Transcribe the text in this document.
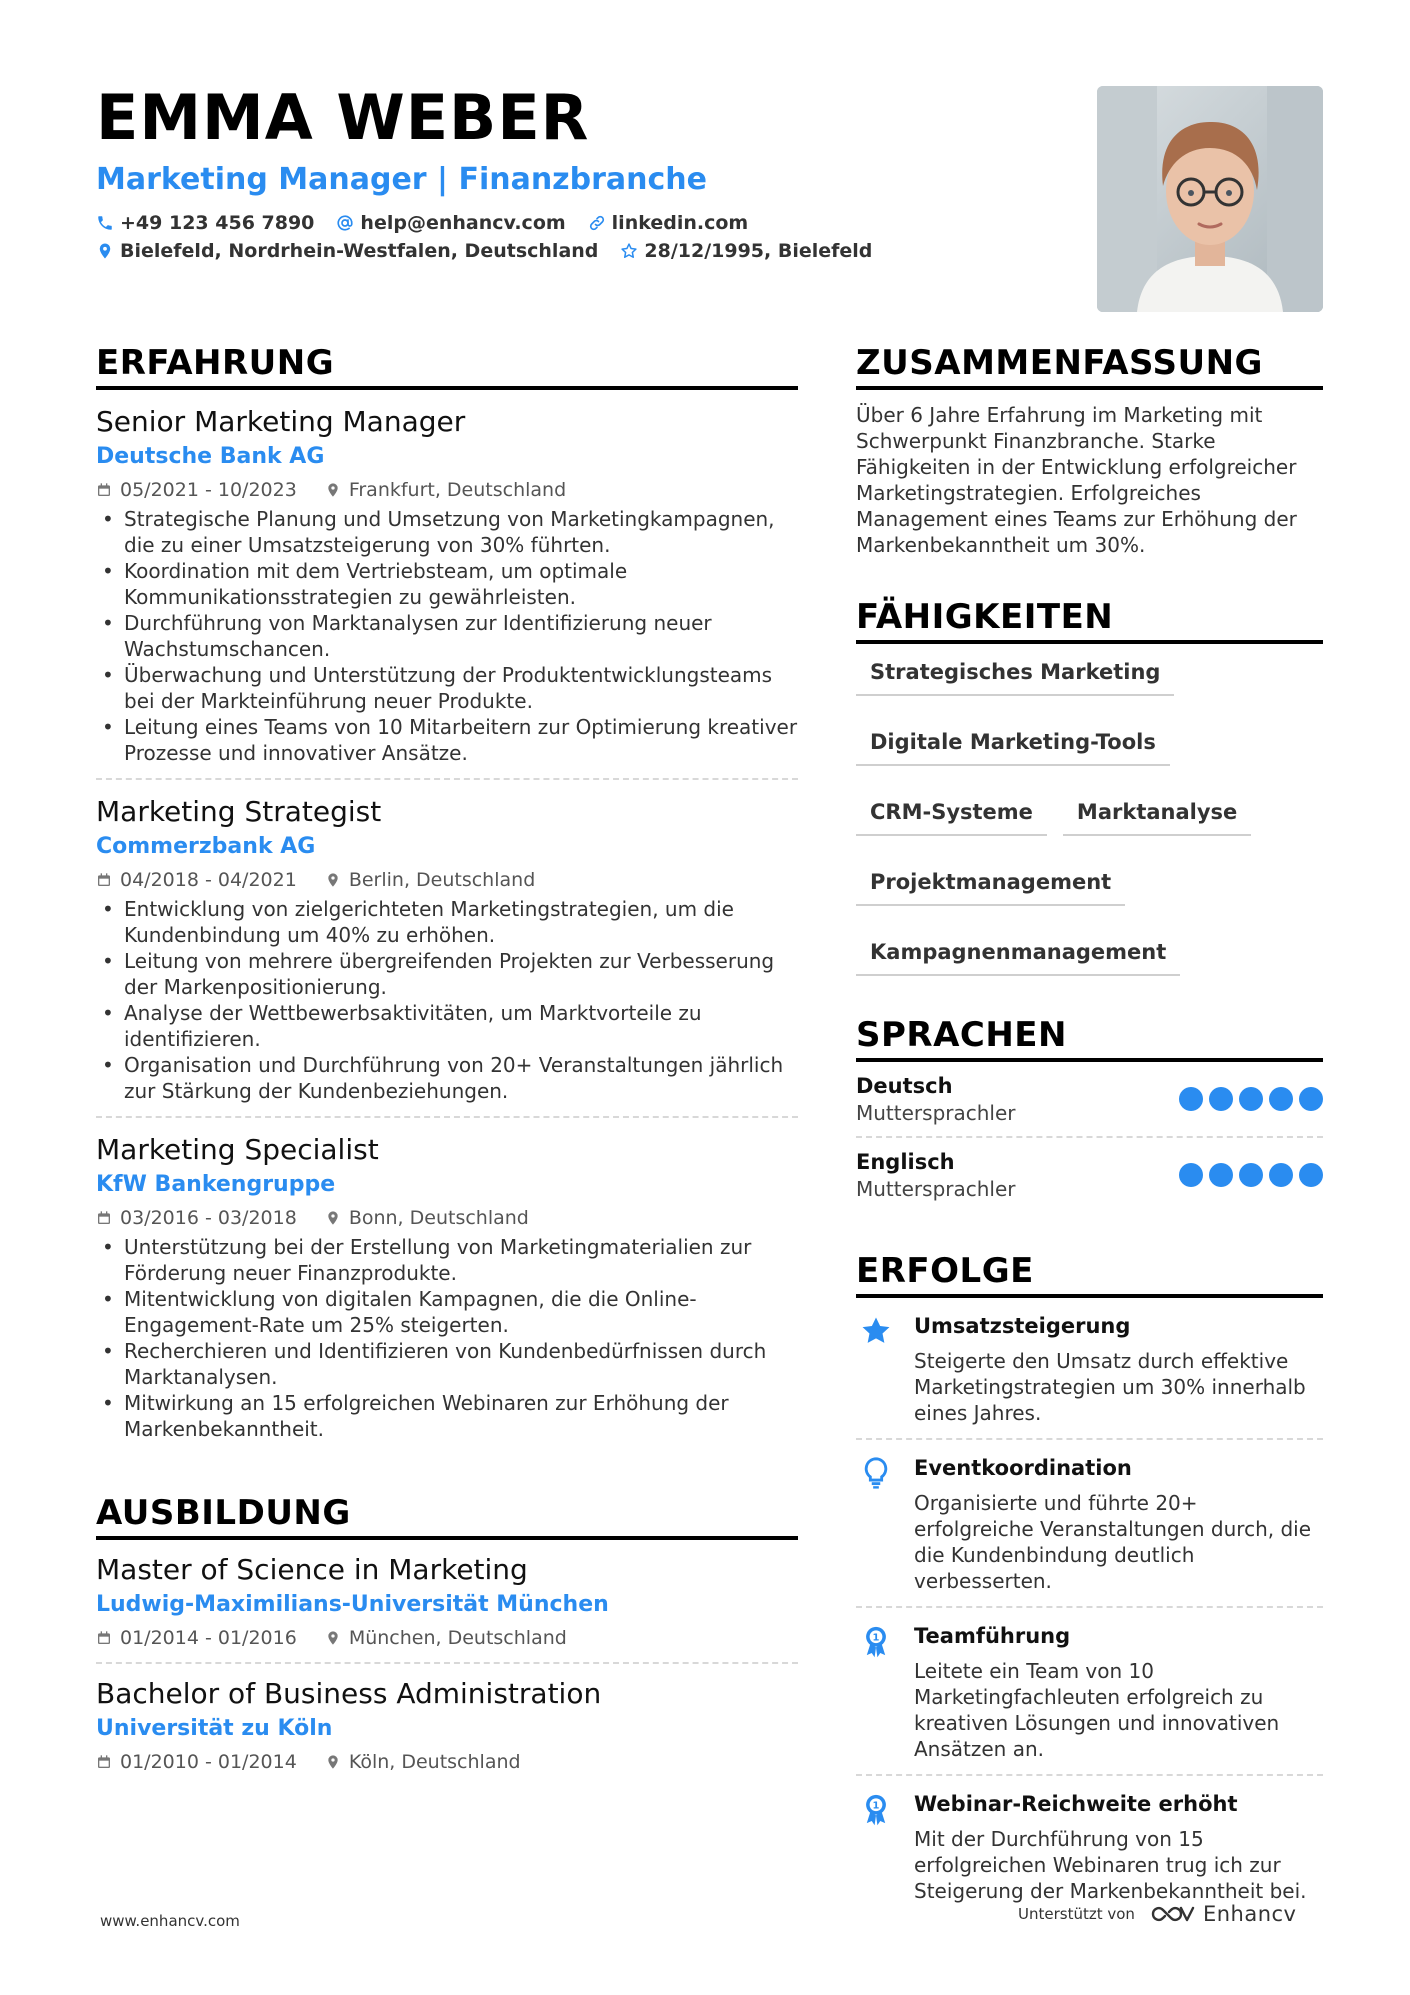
EMMA WEBER
Marketing Manager | Finanzbranche
+49 123 456 7890 help@enhancv.com linkedin.com
Bielefeld, Nordrhein-Westfalen, Deutschland 28/12/1995, Bielefeld
ERFAHRUNG
Senior Marketing Manager
Deutsche Bank AG
05/2021 - 10/2023	Frankfurt, Deutschland
• Strategische Planung und Umsetzung von Marketingkampagnen, die zu einer Umsatzsteigerung von 30% führten.
• Koordination mit dem Vertriebsteam, um optimale Kommunikationsstrategien zu gewährleisten.
• Durchführung von Marktanalysen zur Identifizierung neuer Wachstumschancen.
• Überwachung und Unterstützung der Produktentwicklungsteams bei der Markteinführung neuer Produkte.
• Leitung eines Teams von 10 Mitarbeitern zur Optimierung kreativer Prozesse und innovativer Ansätze.
Marketing Strategist
Commerzbank AG
04/2018 - 04/2021	Berlin, Deutschland
• Entwicklung von zielgerichteten Marketingstrategien, um die Kundenbindung um 40% zu erhöhen.
• Leitung von mehrere übergreifenden Projekten zur Verbesserung der Markenpositionierung.
• Analyse der Wettbewerbsaktivitäten, um Marktvorteile zu identifizieren.
• Organisation und Durchführung von 20+ Veranstaltungen jährlich zur Stärkung der Kundenbeziehungen.
Marketing Specialist
KfW Bankengruppe
03/2016 - 03/2018	Bonn, Deutschland
• Unterstützung bei der Erstellung von Marketingmaterialien zur Förderung neuer Finanzprodukte.
• Mitentwicklung von digitalen Kampagnen, die die Online-Engagement-Rate um 25% steigerten.
• Recherchieren und Identifizieren von Kundenbedürfnissen durch Marktanalysen.
• Mitwirkung an 15 erfolgreichen Webinaren zur Erhöhung der Markenbekanntheit.
AUSBILDUNG
Master of Science in Marketing
Ludwig-Maximilians-Universität München
01/2014 - 01/2016	München, Deutschland
Bachelor of Business Administration
Universität zu Köln
01/2010 - 01/2014	Köln, Deutschland
ZUSAMMENFASSUNG
Über 6 Jahre Erfahrung im Marketing mit Schwerpunkt Finanzbranche. Starke Fähigkeiten in der Entwicklung erfolgreicher Marketingstrategien. Erfolgreiches Management eines Teams zur Erhöhung der Markenbekanntheit um 30%.
FÄHIGKEITEN
Strategisches Marketing
Digitale Marketing-Tools
CRM-Systeme	Marktanalyse
Projektmanagement
Kampagnenmanagement
SPRACHEN
Deutsch
Muttersprachler
Englisch
Muttersprachler
ERFOLGE
Umsatzsteigerung
Steigerte den Umsatz durch effektive Marketingstrategien um 30% innerhalb eines Jahres.
Eventkoordination
Organisierte und führte 20+ erfolgreiche Veranstaltungen durch, die die Kundenbindung deutlich verbesserten.
1 Teamführung
Leitete ein Team von 10 Marketingfachleuten erfolgreich zu kreativen Lösungen und innovativen Ansätzen an.
1 Webinar-Reichweite erhöht
Mit der Durchführung von 15 erfolgreichen Webinaren trug ich zur Steigerung der Markenbekanntheit bei.
www.enhancv.com	Unterstützt von	Enhancv
